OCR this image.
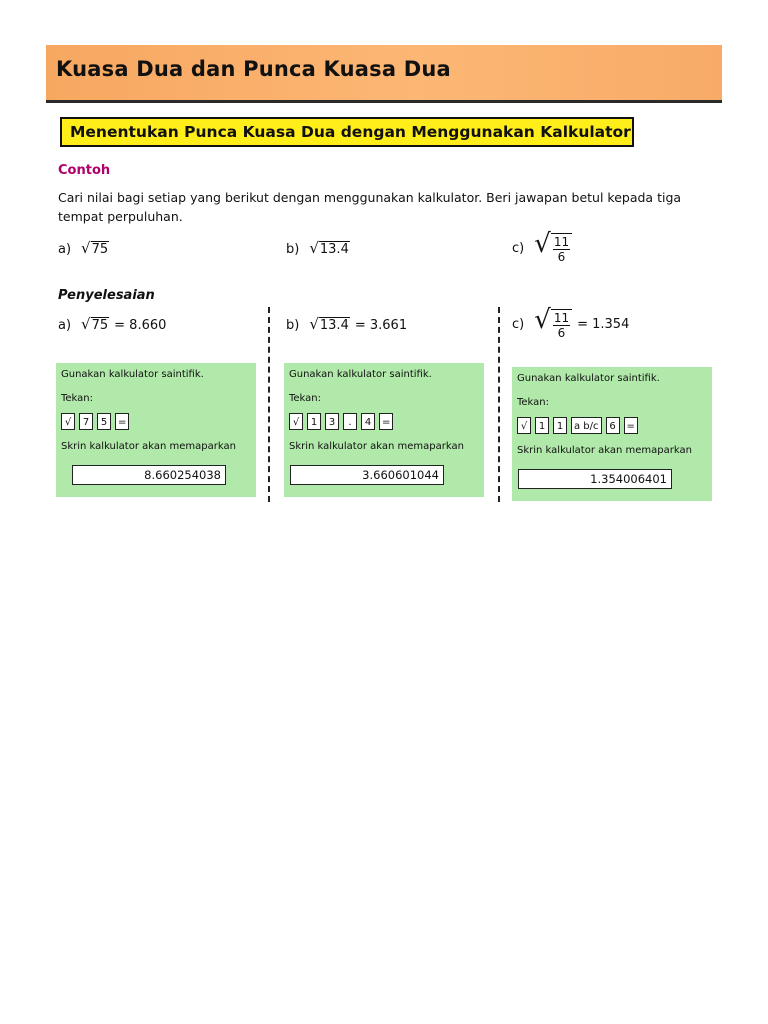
Kuasa Dua dan Punca Kuasa Dua
Menentukan Punca Kuasa Dua dengan Menggunakan Kalkulator
Contoh
Cari nilai bagi setiap yang berikut dengan menggunakan kalkulator. Beri jawapan betul kepada tiga tempat perpuluhan.
a) √ 75	b) √ 13.4	c) √ $\frac{11}{6}$
Penyelesaian
a) √ 75 = 8.660	b) √ 13.4 = 3.661	c) √ $\frac{11}{6} = 1.354$
Gunakan kalkulator saintifik.
Tekan:
√	7	5	=
Skrin kalkulator akan memaparkan
8.660254038
Gunakan kalkulator saintifik.
Tekan:
√	1	3	.	4	=
Skrin kalkulator akan memaparkan
3.660601044
Gunakan kalkulator saintifik.
Tekan:
√	1	1	a b/c	6	=
Skrin kalkulator akan memaparkan
1.354006401
